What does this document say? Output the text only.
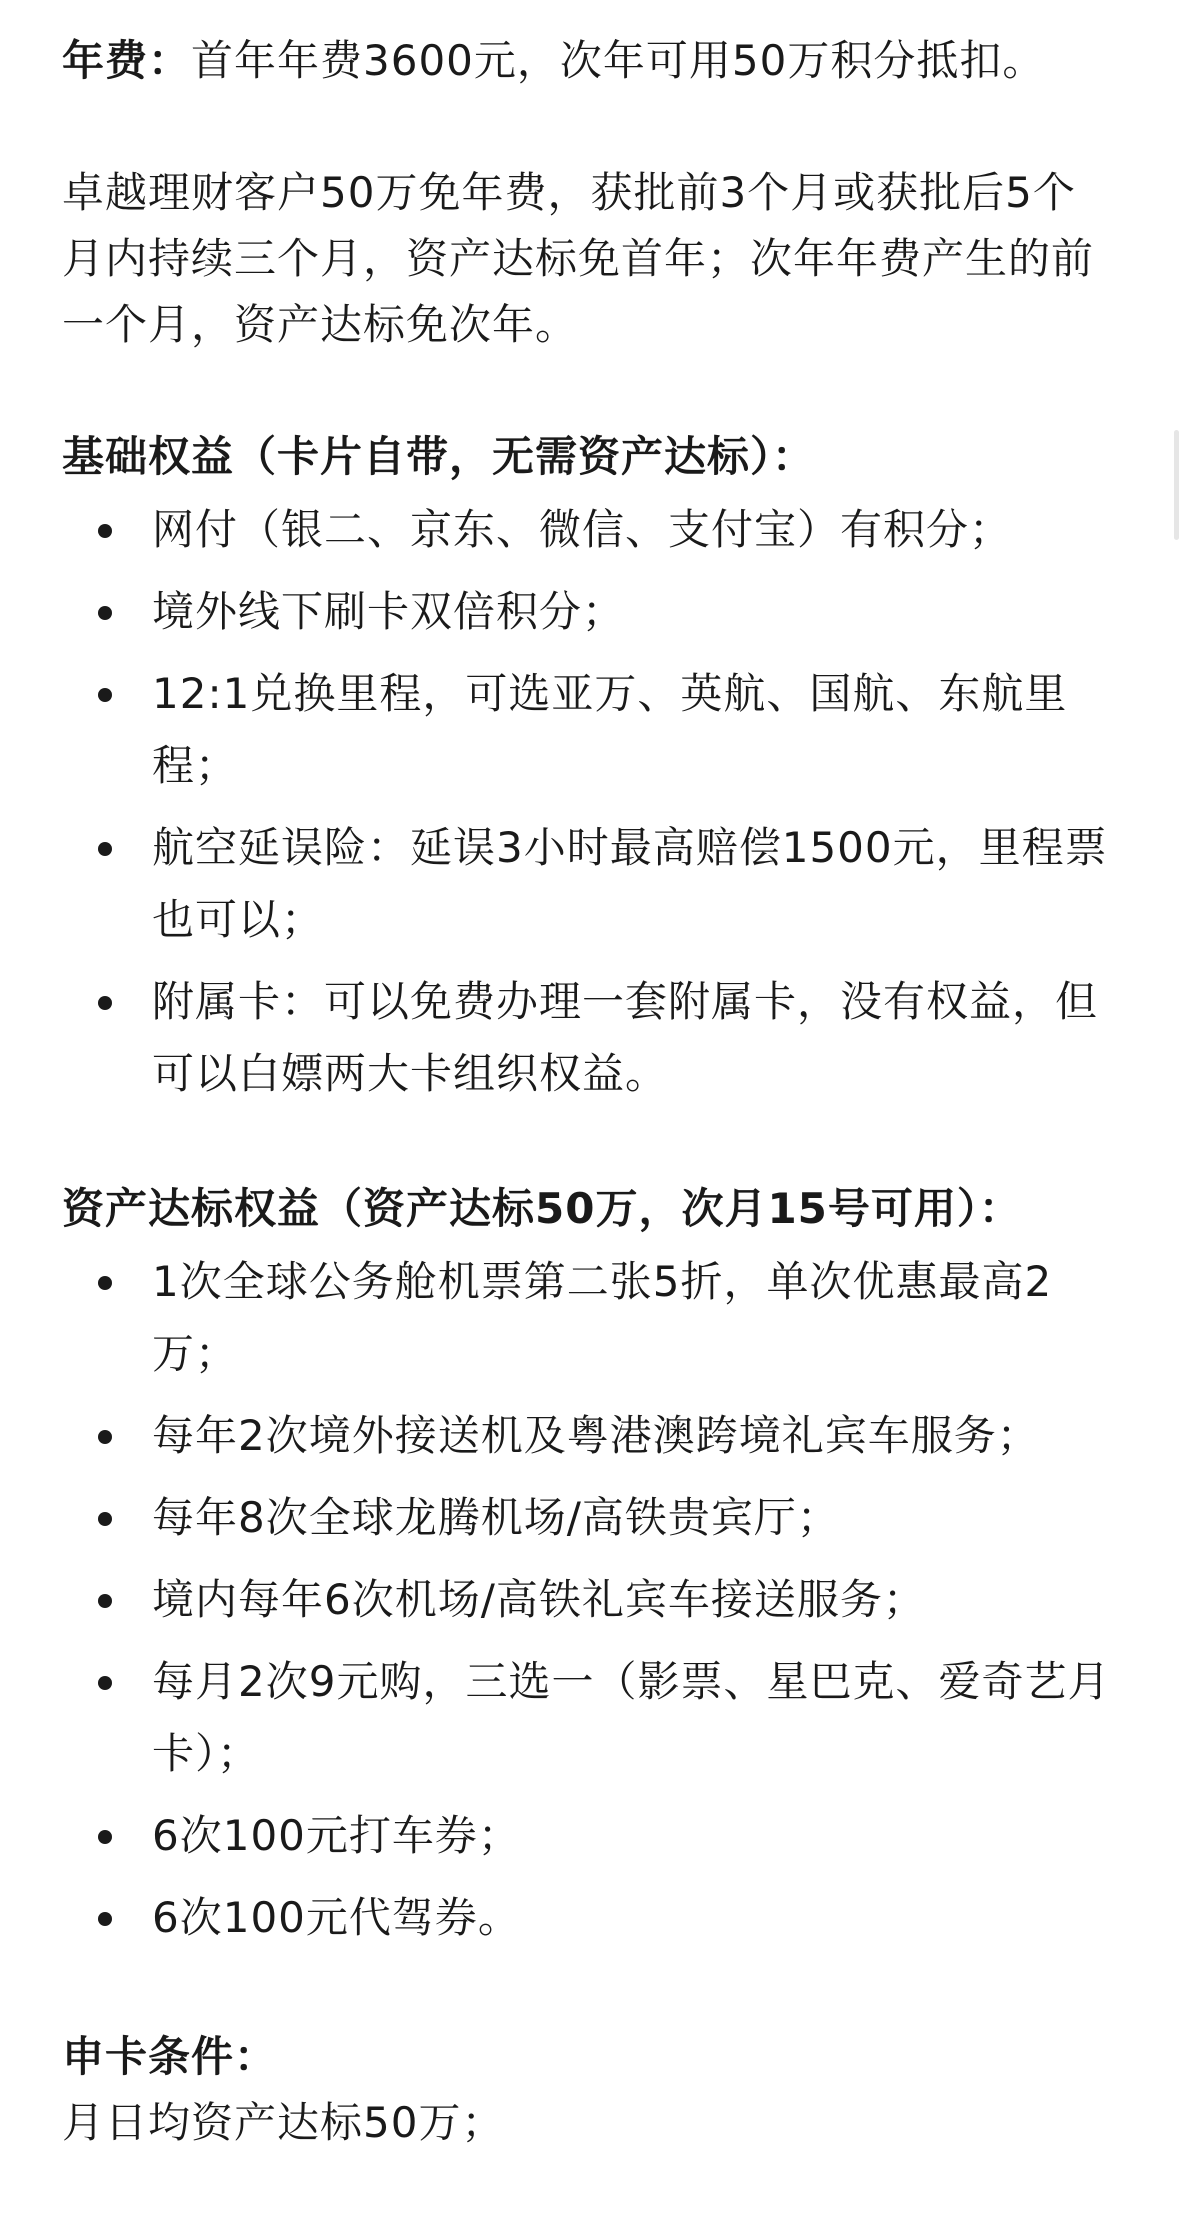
年费：首年年费3600元，次年可用50万积分抵扣。

卓越理财客户50万免年费，获批前3个月或获批后5个月内持续三个月，资产达标免首年；次年年费产生的前一个月，资产达标免次年。

基础权益（卡片自带，无需资产达标）：
网付（银二、京东、微信、支付宝）有积分；
境外线下刷卡双倍积分；
12:1兑换里程，可选亚万、英航、国航、东航里程；
航空延误险：延误3小时最高赔偿1500元，里程票也可以；
附属卡：可以免费办理一套附属卡，没有权益，但可以白嫖两大卡组织权益。
资产达标权益（资产达标50万，次月15号可用）：
1次全球公务舱机票第二张5折，单次优惠最高2万；
每年2次境外接送机及粤港澳跨境礼宾车服务；
每年8次全球龙腾机场/高铁贵宾厅；
境内每年6次机场/高铁礼宾车接送服务；
每月2次9元购，三选一（影票、星巴克、爱奇艺月卡）；
6次100元打车券；
6次100元代驾券。
申卡条件：

月日均资产达标50万；
